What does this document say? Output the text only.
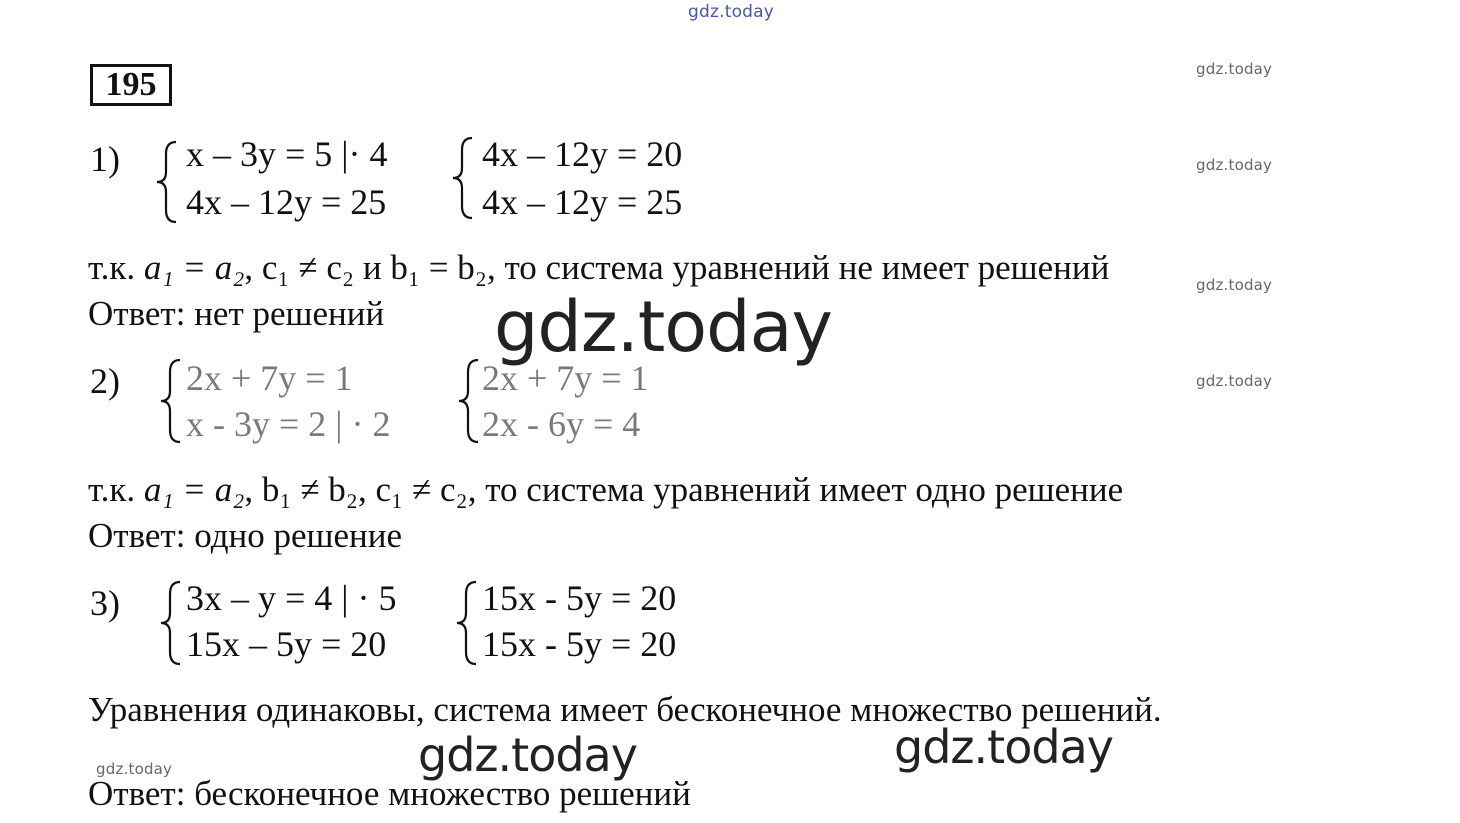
gdz.today
gdz.today
gdz.today
gdz.today
gdz.today
gdz.today
195
1) x – 3y = 5 |· 4
4x – 12y = 25
4x – 12y = 20
4x – 12y = 25
т.к. a₁ = a₂, c₁ ≠ c₂ и b₁ = b₂, то система уравнений не имеет решений
Ответ: нет решений gdz.today
2) 2x + 7y = 1
x - 3y = 2 | · 2
2x + 7y = 1
2x - 6y = 4
т.к. a₁ = a₂, b₁ ≠ b₂, c₁ ≠ c₂, то система уравнений имеет одно решение
Ответ: одно решение
3) 3x – y = 4 | · 5
15x – 5y = 20
15x - 5y = 20
15x - 5y = 20
Уравнения одинаковы, система имеет бесконечное множество решений.
gdz.today	gdz.today
Ответ: бесконечное множество решений
